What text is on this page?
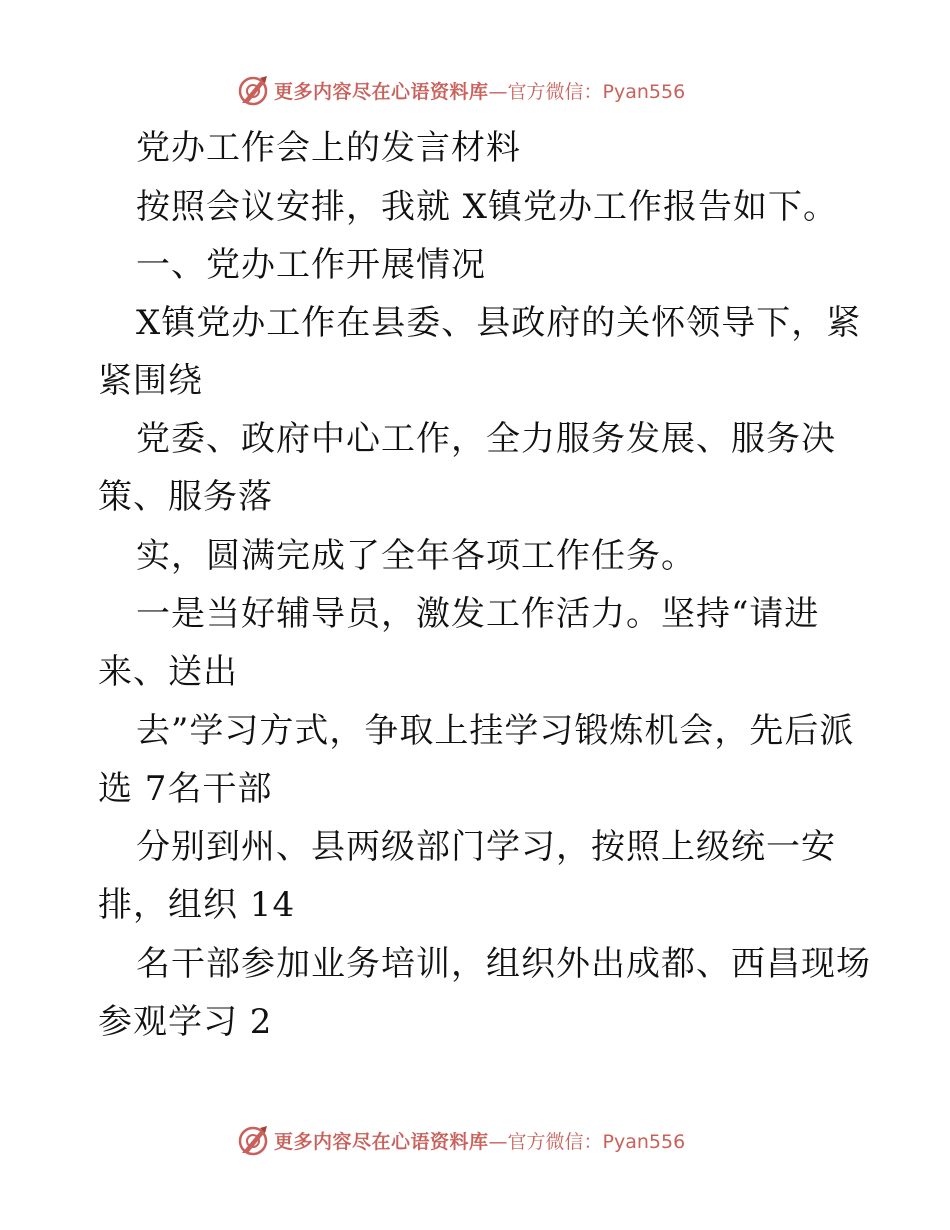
更多内容尽在心语资料库 —官方微信：Pyan556
党办工作会上的发言材料
按照会议安排，我就 X镇党办工作报告如下。
一、党办工作开展情况
X镇党办工作在县委、县政府的关怀领导下，紧
紧围绕
党委、政府中心工作，全力服务发展、服务决
策、服务落
实，圆满完成了全年各项工作任务。
一是当好辅导员，激发工作活力。坚持“请进
来、送出
去”学习方式，争取上挂学习锻炼机会，先后派
选 7名干部
分别到州、县两级部门学习，按照上级统一安
排，组织 14
名干部参加业务培训，组织外出成都、西昌现场
参观学习 2
更多内容尽在心语资料库 —官方微信：Pyan556
